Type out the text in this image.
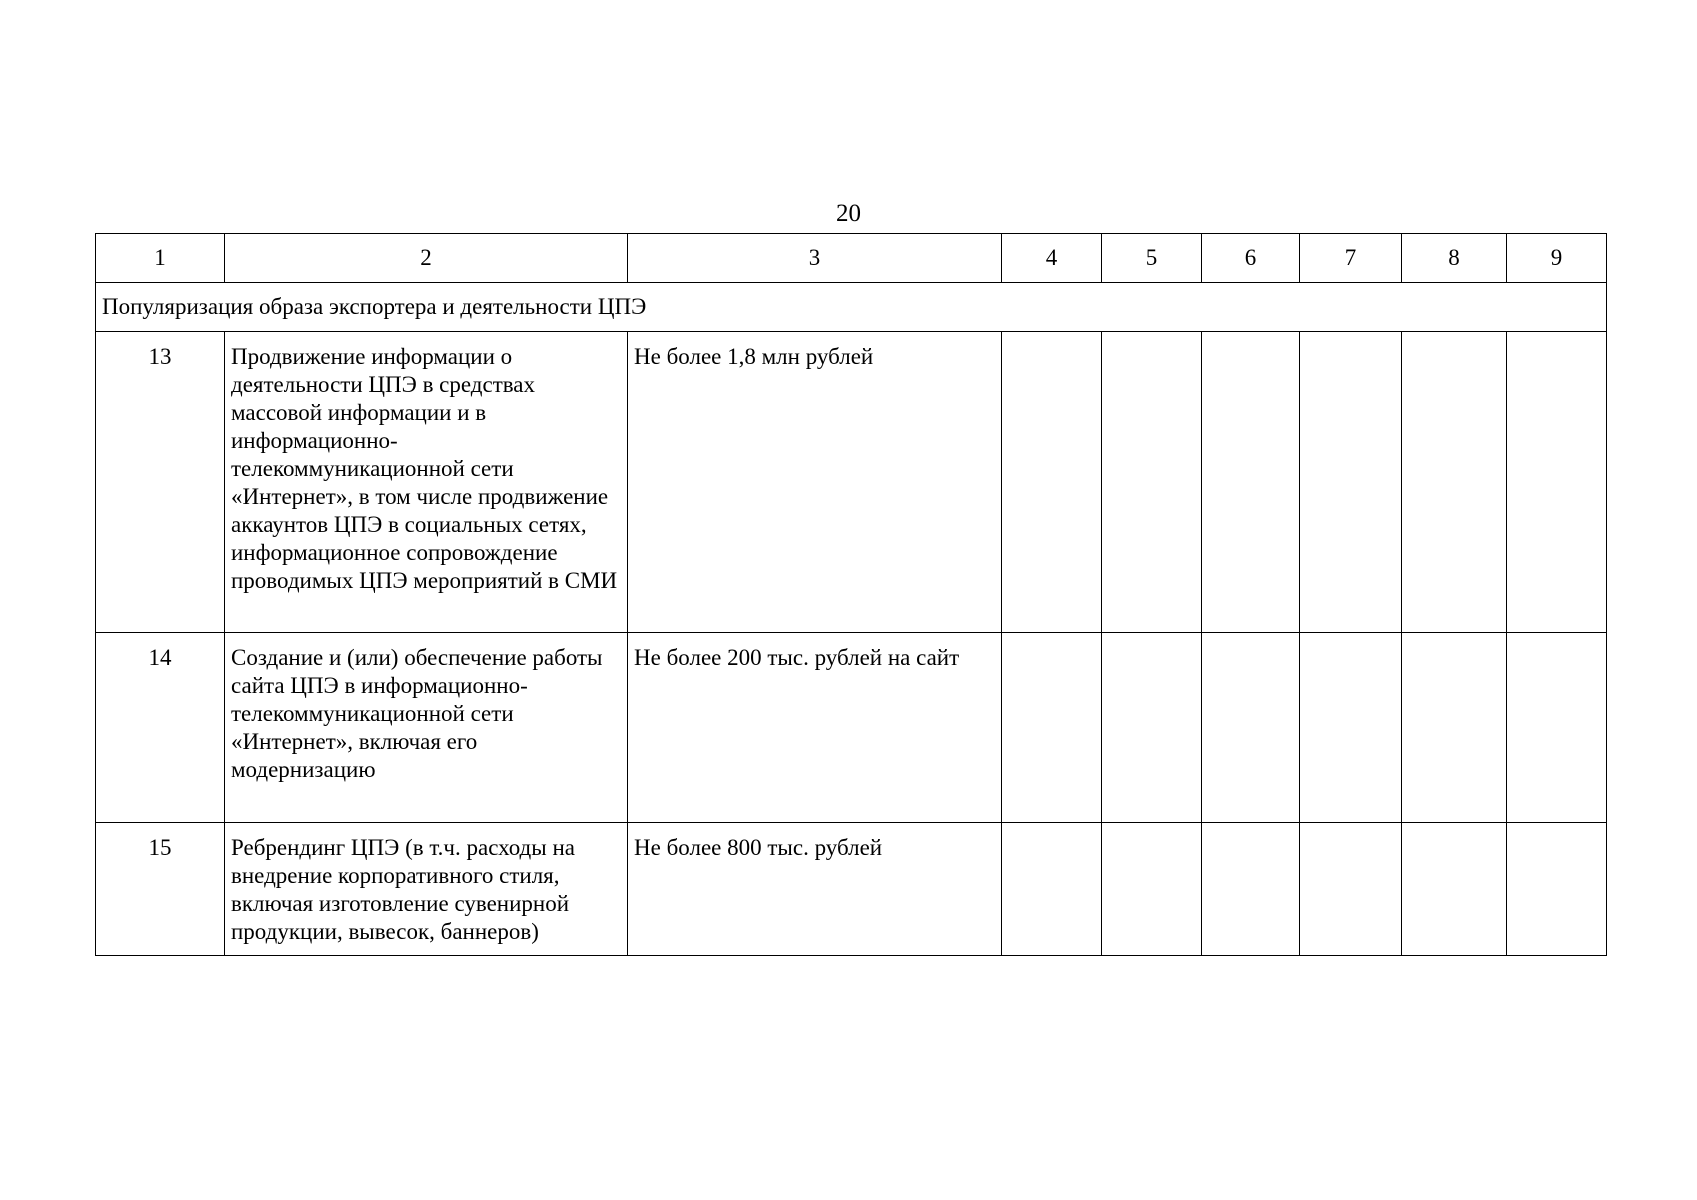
20
1	2	3	4	5	6	7	8	9
Популяризация образа экспортера и деятельности ЦПЭ								
13	Продвижение информации о деятельности ЦПЭ в средствах массовой информации и в информационно-телекоммуникационной сети «Интернет», в том числе продвижение аккаунтов ЦПЭ в социальных сетях, информационное сопровождение проводимых ЦПЭ мероприятий в СМИ	Не более 1,8 млн рублей						
14	Создание и (или) обеспечение работы сайта ЦПЭ в информационно-телекоммуникационной сети «Интернет», включая его модернизацию	Не более 200 тыс. рублей на сайт						
15	Ребрендинг ЦПЭ (в т.ч. расходы на внедрение корпоративного стиля, включая изготовление сувенирной продукции, вывесок, баннеров)	Не более 800 тыс. рублей						
